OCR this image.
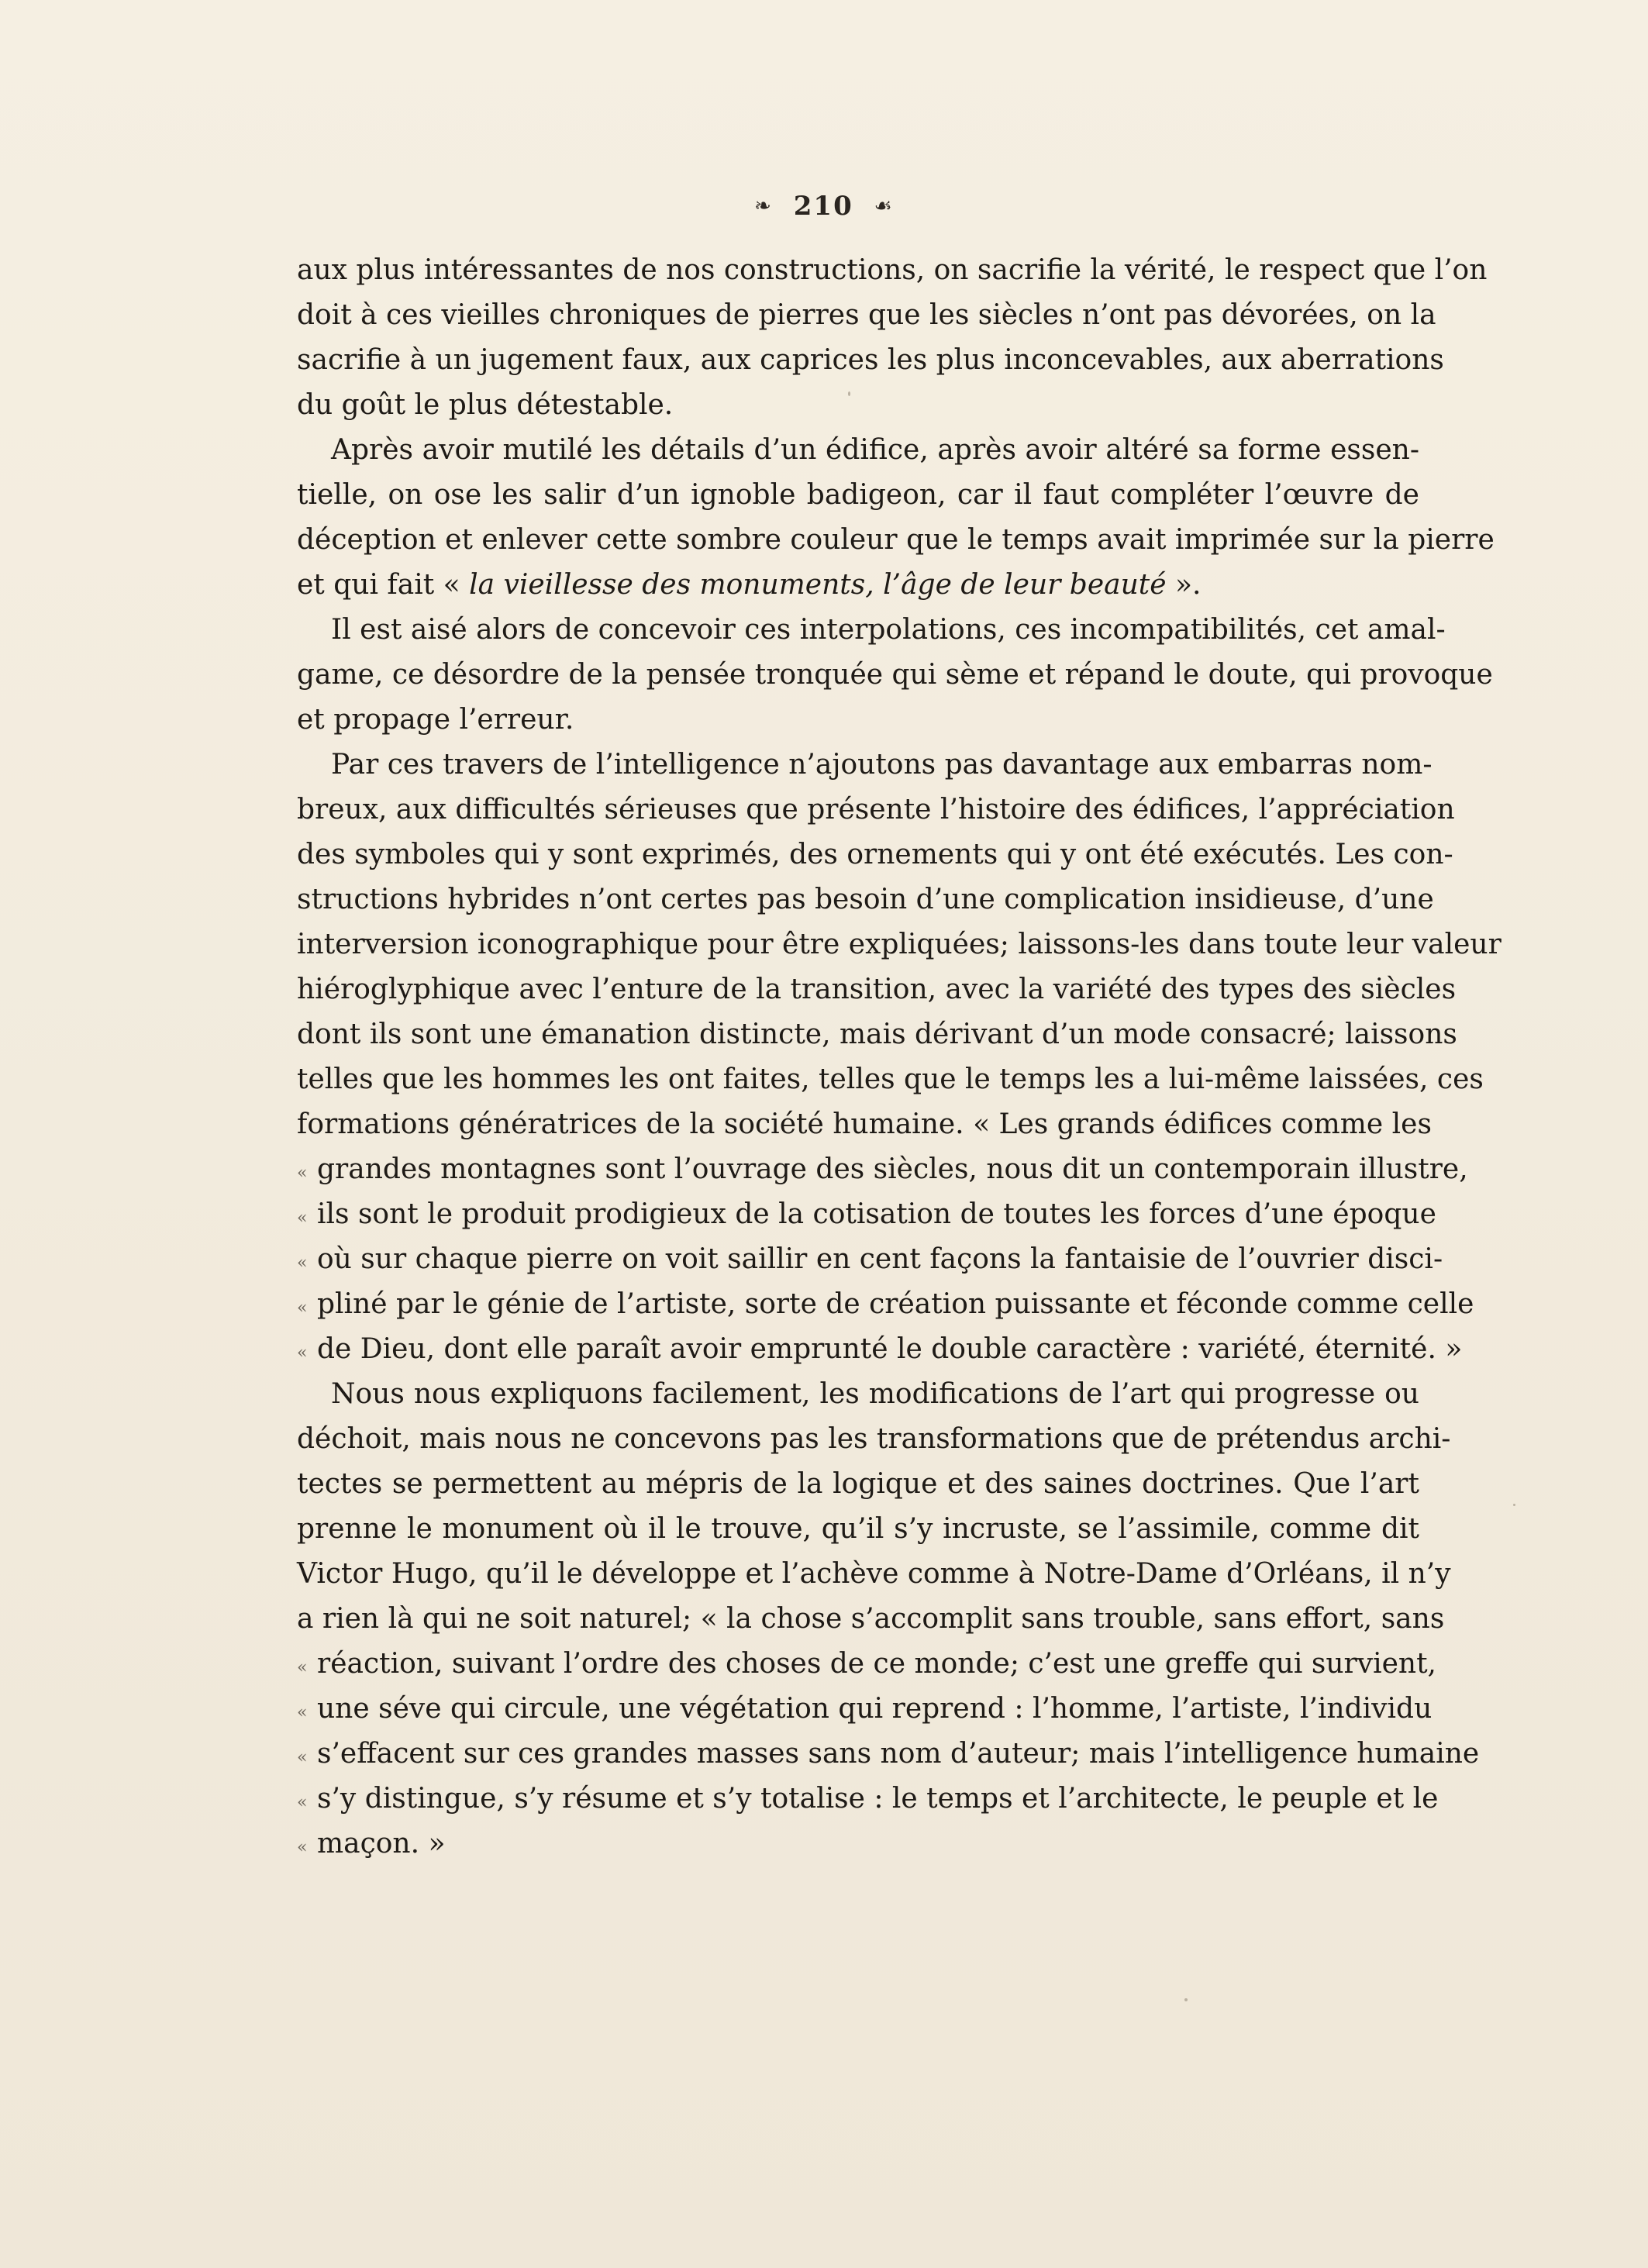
❧ 210 ☙
aux plus intéressantes de nos constructions, on sacrifie la vérité, le respect que l’on
doit à ces vieilles chroniques de pierres que les siècles n’ont pas dévorées, on la
sacrifie à un jugement faux, aux caprices les plus inconcevables, aux aberrations
du goût le plus détestable.
Après avoir mutilé les détails d’un édifice, après avoir altéré sa forme essen-
tielle, on ose les salir d’un ignoble badigeon, car il faut compléter l’œuvre de
déception et enlever cette sombre couleur que le temps avait imprimée sur la pierre
et qui fait « la vieillesse des monuments, l’âge de leur beauté ».
Il est aisé alors de concevoir ces interpolations, ces incompatibilités, cet amal-
game, ce désordre de la pensée tronquée qui sème et répand le doute, qui provoque
et propage l’erreur.
Par ces travers de l’intelligence n’ajoutons pas davantage aux embarras nom-
breux, aux difficultés sérieuses que présente l’histoire des édifices, l’appréciation
des symboles qui y sont exprimés, des ornements qui y ont été exécutés. Les con-
structions hybrides n’ont certes pas besoin d’une complication insidieuse, d’une
interversion iconographique pour être expliquées; laissons-les dans toute leur valeur
hiéroglyphique avec l’enture de la transition, avec la variété des types des siècles
dont ils sont une émanation distincte, mais dérivant d’un mode consacré; laissons
telles que les hommes les ont faites, telles que le temps les a lui-même laissées, ces
formations génératrices de la société humaine. « Les grands édifices comme les
« grandes montagnes sont l’ouvrage des siècles, nous dit un contemporain illustre,
« ils sont le produit prodigieux de la cotisation de toutes les forces d’une époque
« où sur chaque pierre on voit saillir en cent façons la fantaisie de l’ouvrier disci-
« pliné par le génie de l’artiste, sorte de création puissante et féconde comme celle
« de Dieu, dont elle paraît avoir emprunté le double caractère : variété, éternité. »
Nous nous expliquons facilement, les modifications de l’art qui progresse ou
déchoit, mais nous ne concevons pas les transformations que de prétendus archi-
tectes se permettent au mépris de la logique et des saines doctrines. Que l’art
prenne le monument où il le trouve, qu’il s’y incruste, se l’assimile, comme dit
Victor Hugo, qu’il le développe et l’achève comme à Notre-Dame d’Orléans, il n’y
a rien là qui ne soit naturel; « la chose s’accomplit sans trouble, sans effort, sans
« réaction, suivant l’ordre des choses de ce monde; c’est une greffe qui survient,
« une séve qui circule, une végétation qui reprend : l’homme, l’artiste, l’individu
« s’effacent sur ces grandes masses sans nom d’auteur; mais l’intelligence humaine
« s’y distingue, s’y résume et s’y totalise : le temps et l’architecte, le peuple et le
« maçon. »
